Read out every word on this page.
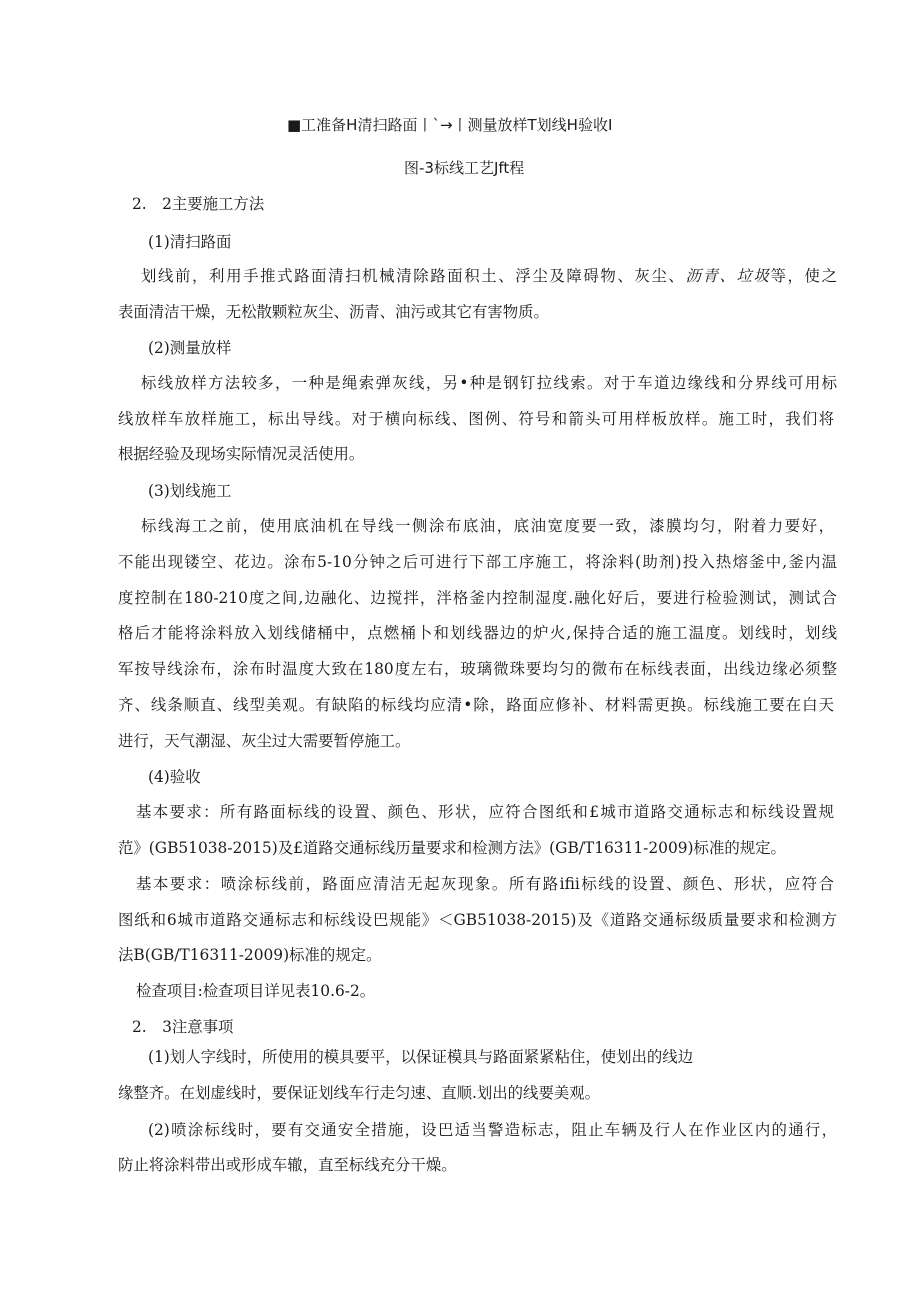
■工准备H清扫路面丨`→丨测量放样T划线H验收I

图-3标线工艺Jft程

2.　2主要施工方法

(1)清扫路面

划线前，利用手推式路面清扫机械清除路面积土、浮尘及障碍物、灰尘、沥青、垃圾等，使之

表面清洁干燥，无松散颗粒灰尘、沥青、油污或其它有害物质。

(2)测量放样

标线放样方法较多，一种是绳索弹灰线，另•种是钢钉拉线索。对于车道边缘线和分界线可用标

线放样车放样施工，标出导线。对于横向标线、图例、符号和箭头可用样板放样。施工时，我们将

根据经验及现场实际情况灵活使用。

(3)划线施工

标线海工之前，使用底油机在导线一侧涂布底油，底油宽度要一致，漆膜均匀，附着力要好，

不能出现镂空、花边。涂布5-10分钟之后可进行下部工序施工，将涂料(助剂)投入热熔釜中,釜内温

度控制在180-210度之间,边融化、边搅拌，泮格釜内控制湿度.融化好后，要进行检验测试，测试合

格后才能将涂料放入划线储桶中，点燃桶卜和划线器边的炉火,保持合适的施工温度。划线时，划线

军按导线涂布，涂布时温度大致在180度左右，玻璃微珠要均匀的微布在标线表面，出线边缘必须整

齐、线条顺直、线型美观。有缺陷的标线均应清•除，路面应修补、材料需更换。标线施工要在白天

进行，天气潮湿、灰尘过大需要暂停施工。

(4)验收

基本要求：所有路面标线的设置、颜色、形状，应符合图纸和£城市道路交通标志和标线设置规

范》(GB51038-2015)及£道路交通标线历量要求和检测方法》(GB/T16311-2009)标准的规定。

基本要求：喷涂标线前，路面应清洁无起灰现象。所有路ifii标线的设置、颜色、形状，应符合

图纸和6城市道路交通标志和标线设巴规能》＜GB51038-2015)及《道路交通标级质量要求和检测方

法B(GB/T16311-2009)标准的规定。

检查项目:检查项目详见表10.6-2。

2.　3注意事项

(1)划人字线时，所使用的模具要平，以保证模具与路面紧紧粘住，使划出的线边

缘整齐。在划虚线时，要保证划线车行走匀速、直顺.划出的线要美观。

(2)喷涂标线时，要有交通安全措施，设巴适当警造标志，阻止车辆及行人在作业区内的通行，

防止将涂料带出或形成车辙，直至标线充分干燥。
